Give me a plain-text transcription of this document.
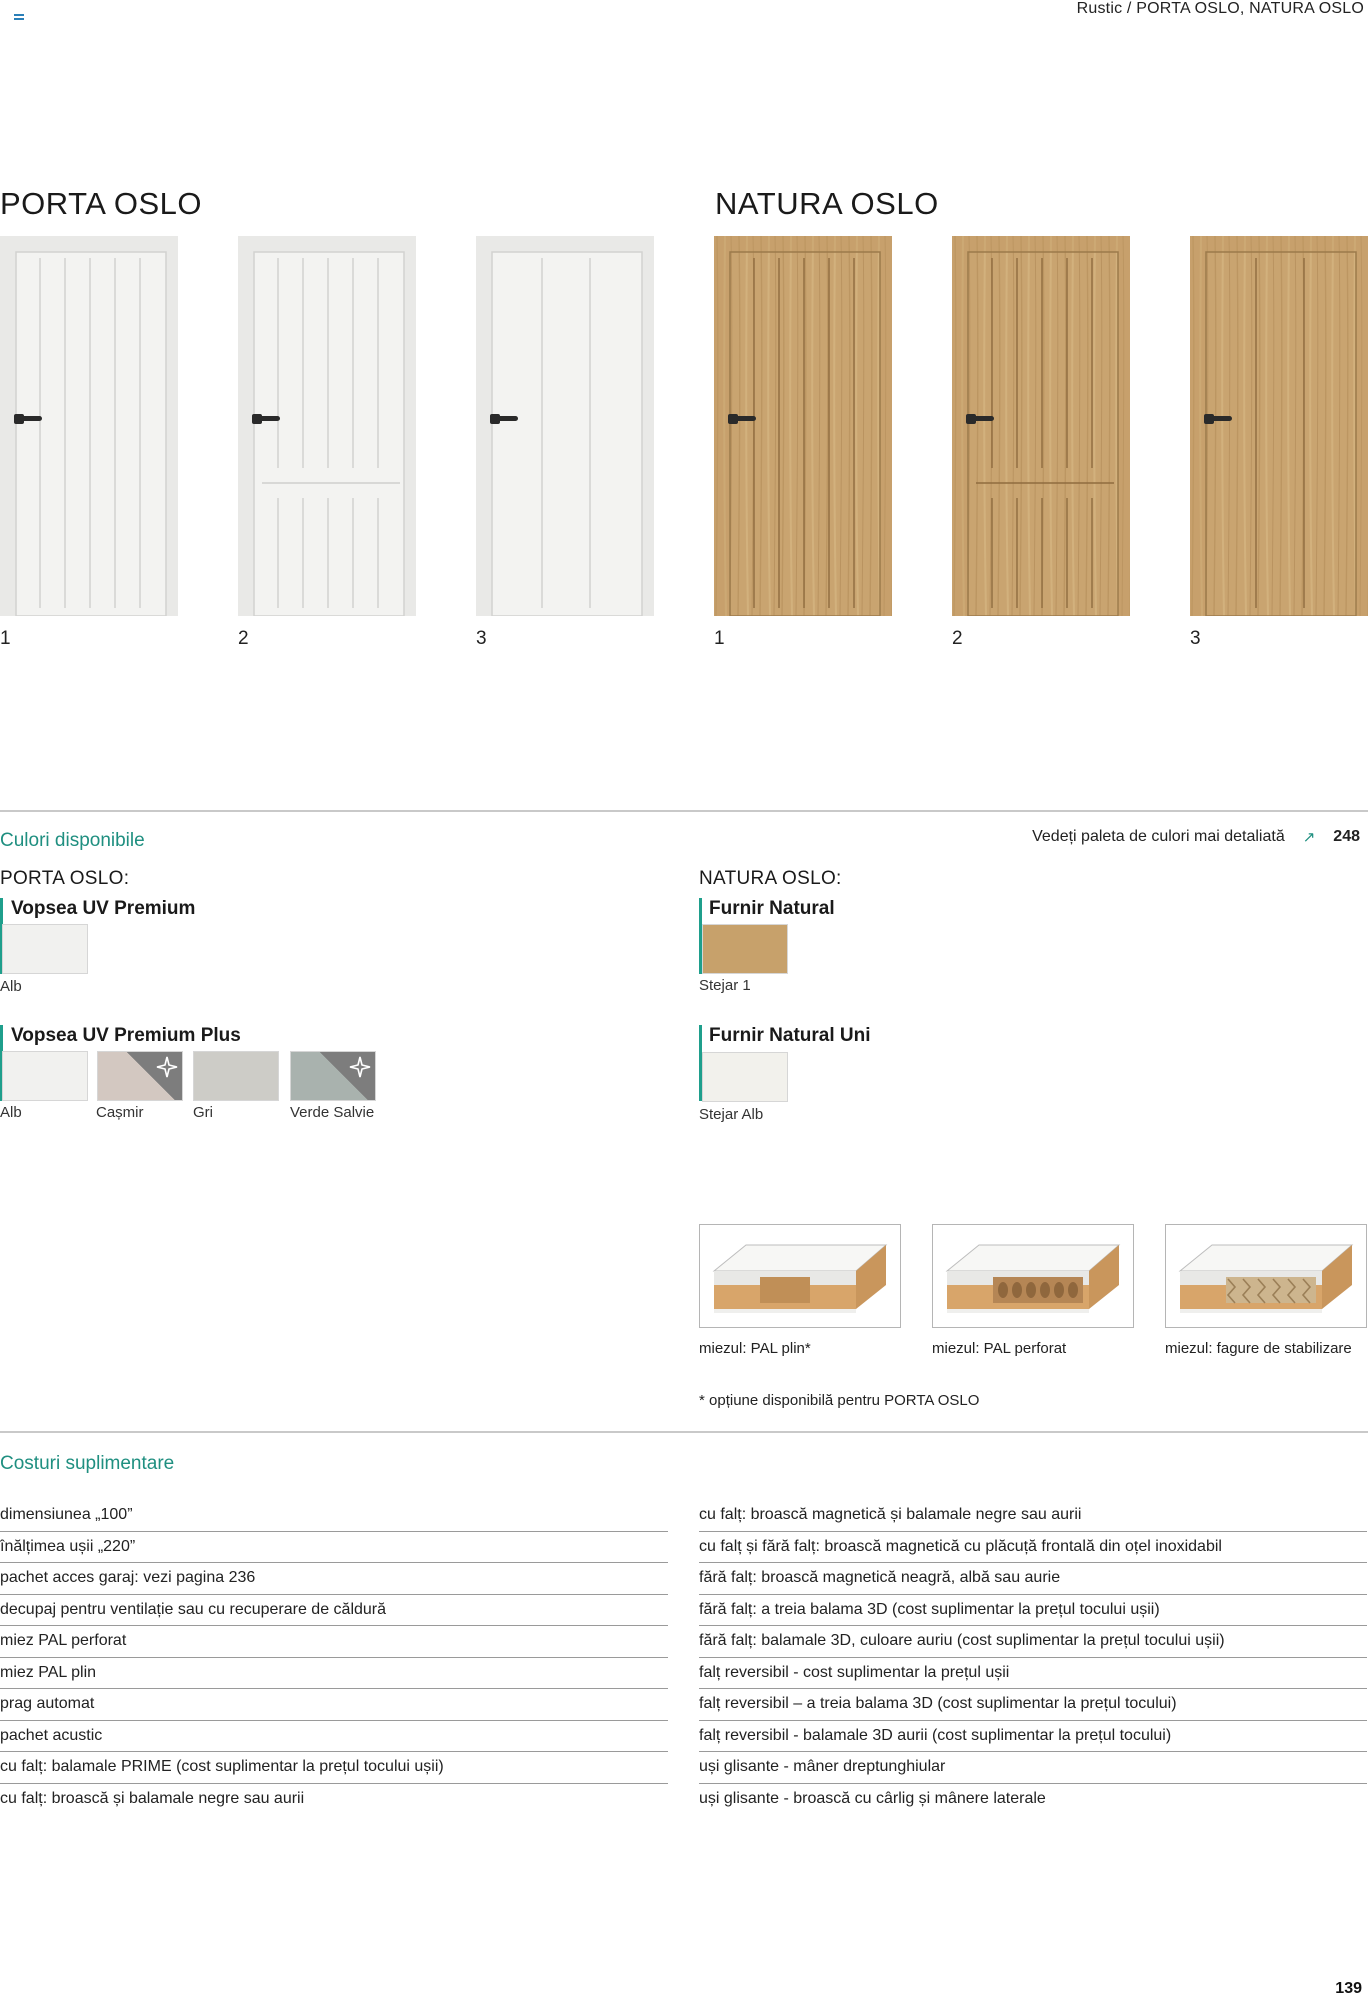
Rustic / PORTA OSLO, NATURA OSLO
PORTA OSLO	NATURA OSLO
1	2	3	1	2	3
Culori disponibile	Vedeți paleta de culori mai detaliată ↗ 248
PORTA OSLO:	NATURA OSLO:
Vopsea UV Premium
Alb
Vopsea UV Premium Plus
Alb	Cașmir	Gri	Verde Salvie
Furnir Natural
Stejar 1
Furnir Natural Uni
Stejar Alb
miezul: PAL plin*	miezul: PAL perforat	miezul: fagure de stabilizare
* opțiune disponibilă pentru PORTA OSLO
Costuri suplimentare
dimensiunea „100”
înălțimea ușii „220”
pachet acces garaj: vezi pagina 236
decupaj pentru ventilație sau cu recuperare de căldură
miez PAL perforat
miez PAL plin
prag automat
pachet acustic
cu falț: balamale PRIME (cost suplimentar la prețul tocului ușii)
cu falț: broască și balamale negre sau aurii
cu falț: broască magnetică și balamale negre sau aurii
cu falț și fără falț: broască magnetică cu plăcuță frontală din oțel inoxidabil
fără falț: broască magnetică neagră, albă sau aurie
fără falț: a treia balama 3D (cost suplimentar la prețul tocului ușii)
fără falț: balamale 3D, culoare auriu (cost suplimentar la prețul tocului ușii)
falț reversibil - cost suplimentar la prețul ușii
falț reversibil – a treia balama 3D (cost suplimentar la prețul tocului)
falț reversibil - balamale 3D aurii (cost suplimentar la prețul tocului)
uși glisante - mâner dreptunghiular
uși glisante - broască cu cârlig și mânere laterale
139
